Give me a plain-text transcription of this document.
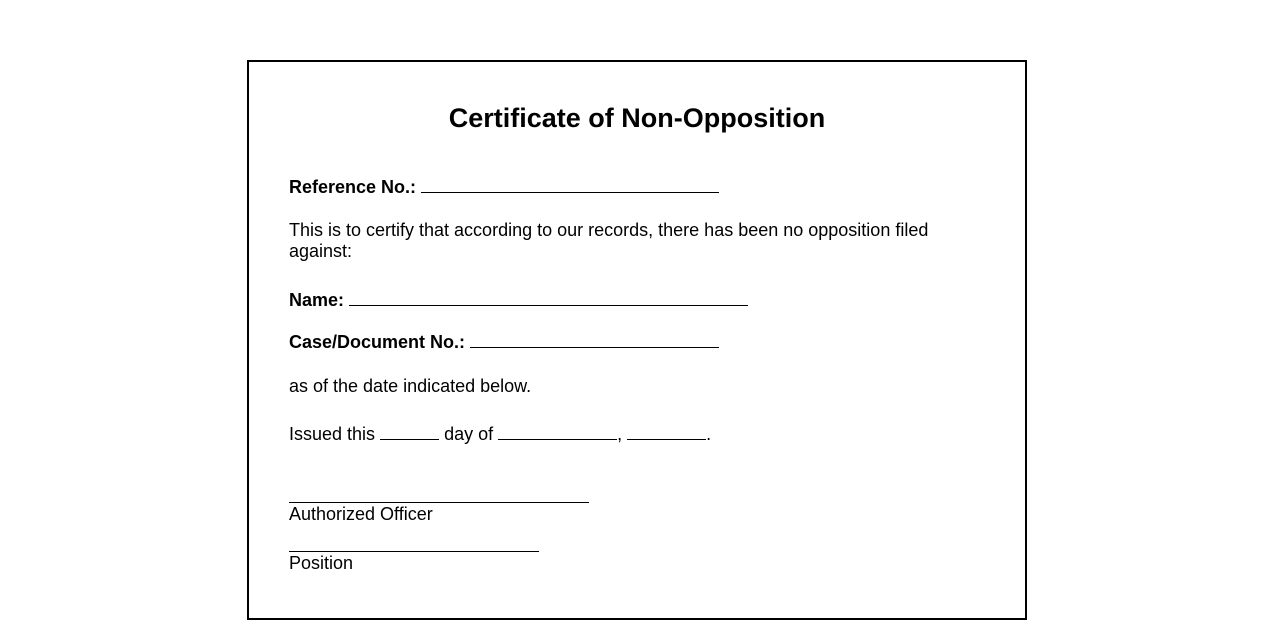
Certificate of Non-Opposition
Reference No.:
This is to certify that according to our records, there has been no opposition filed against:
Name:
Case/Document No.:
as of the date indicated below.
Issued this	day of	,	.
Authorized Officer
Position
